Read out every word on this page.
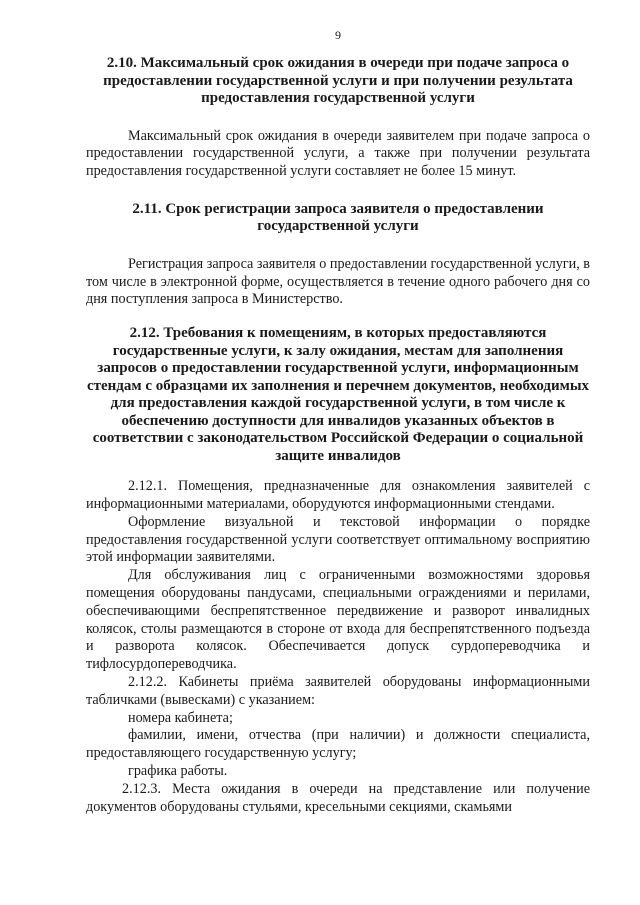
9
2.10. Максимальный срок ожидания в очереди при подаче запроса о предоставлении государственной услуги и при получении результата предоставления государственной услуги

Максимальный срок ожидания в очереди заявителем при подаче запроса о предоставлении государственной услуги, а также при получении результата предоставления государственной услуги составляет не более 15 минут.

2.11. Срок регистрации запроса заявителя о предоставлении государственной услуги

Регистрация запроса заявителя о предоставлении государственной услуги, в том числе в электронной форме, осуществляется в течение одного рабочего дня со дня поступления запроса в Министерство.

2.12. Требования к помещениям, в которых предоставляются государственные услуги, к залу ожидания, местам для заполнения запросов о предоставлении государственной услуги, информационным стендам с образцами их заполнения и перечнем документов, необходимых для предоставления каждой государственной услуги, в том числе к обеспечению доступности для инвалидов указанных объектов в соответствии с законодательством Российской Федерации о социальной защите инвалидов

2.12.1. Помещения, предназначенные для ознакомления заявителей с информационными материалами, оборудуются информационными стендами.

Оформление визуальной и текстовой информации о порядке предоставления государственной услуги соответствует оптимальному восприятию этой информации заявителями.

Для обслуживания лиц с ограниченными возможностями здоровья помещения оборудованы пандусами, специальными ограждениями и перилами, обеспечивающими беспрепятственное передвижение и разворот инвалидных колясок, столы размещаются в стороне от входа для беспрепятственного подъезда и разворота колясок. Обеспечивается допуск сурдопереводчика и тифлосурдопереводчика.

2.12.2. Кабинеты приёма заявителей оборудованы информационными табличками (вывесками) с указанием:

номера кабинета;

фамилии, имени, отчества (при наличии) и должности специалиста, предоставляющего государственную услугу;

графика работы.

2.12.3. Места ожидания в очереди на представление или получение документов оборудованы стульями, кресельными секциями, скамьями
